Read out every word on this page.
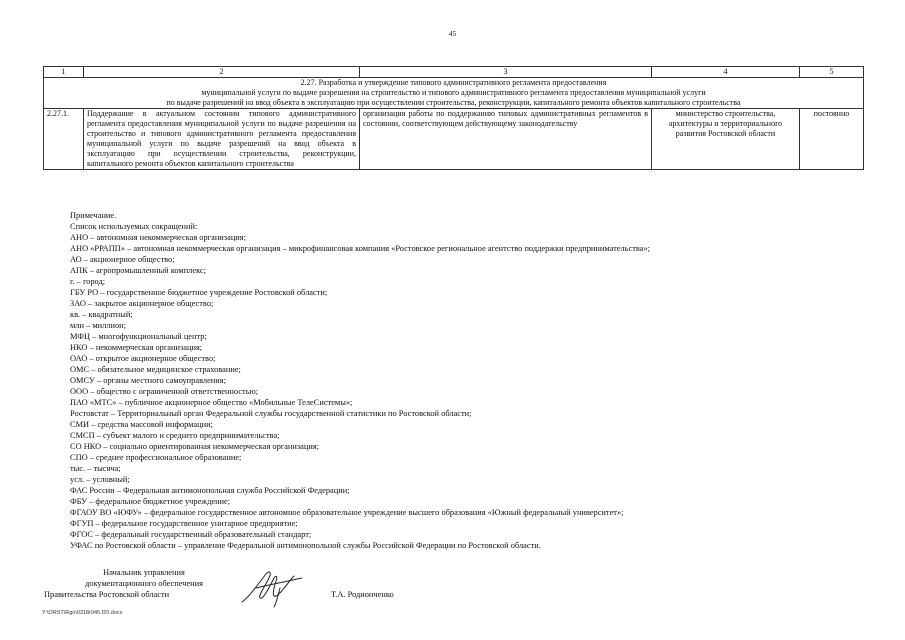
45
1	2	3	4	5

2.27. Разработка и утверждение типового административного регламента предоставления
муниципальной услуги по выдаче разрешения на строительство и типового административного регламента предоставления муниципальной услуги
по выдаче разрешений на ввод объекта в эксплуатацию при осуществлении строительства, реконструкции, капитального ремонта объектов капитального строительства				

2.27.1.	Поддержание в актуальном состоянии типового административного регламента предоставления муниципальной услуги по выдаче разрешения на строительство и типового административного регламента предоставления муниципальной услуги по выдаче разрешений на ввод объекта в эксплуатацию при осуществлении строительства, реконструкции, капитального ремонта объектов капитального строительства	организация работы по поддержанию типовых административных регламентов в состоянии, соответствующем действующему законодательству	министерство строительства, архитектуры и территориального развития Ростовской области	постоянно
Примечание.
Список используемых сокращений:
АНО – автономная некоммерческая организация;
АНО «РРАПП» – автономная некоммерческая организация – микрофинансовая компания «Ростовское региональное агентство поддержки предпринимательства»;
АО – акционерное общество;
АПК – агропромышленный комплекс;
г. – город;
ГБУ РО – государственное бюджетное учреждение Ростовской области;
ЗАО – закрытое акционерное общество;
кв. – квадратный;
млн – миллион;
МФЦ – многофункциональный центр;
НКО – некоммерческая организация;
ОАО – открытое акционерное общество;
ОМС – обязательное медицинское страхование;
ОМСУ – органы местного самоуправления;
ООО – общество с ограниченной ответственностью;
ПАО «МТС» – публичное акционерное общество «Мобильные ТелеСистемы»;
Ростовстат – Территориальный орган Федеральной службы государственной статистики по Ростовской области;
СМИ – средства массовой информации;
СМСП – субъект малого и среднего предпринимательства;
СО НКО – социально ориентированная некоммерческая организация;
СПО – среднее профессиональное образование;
тыс. – тысяча;
усл. – условный;
ФАС России – Федеральная антимонопольная служба Российской Федерации;
ФБУ – федеральное бюджетное учреждение;
ФГАОУ ВО «ЮФУ» – федеральное государственное автономное образовательное учреждение высшего образования «Южный федеральный университет»;
ФГУП – федеральное государственное унитарное предприятие;
ФГОС – федеральный государственный образовательный стандарт;
УФАС по Ростовской области – управление Федеральной антимонопольной службы Российской Федерации по Ростовской области.
Начальник управления
документационного обеспечения
Правительства Ростовской области	Т.А. Родионченко
Y:\ORST\Rgo\0318r045.f20.docx
